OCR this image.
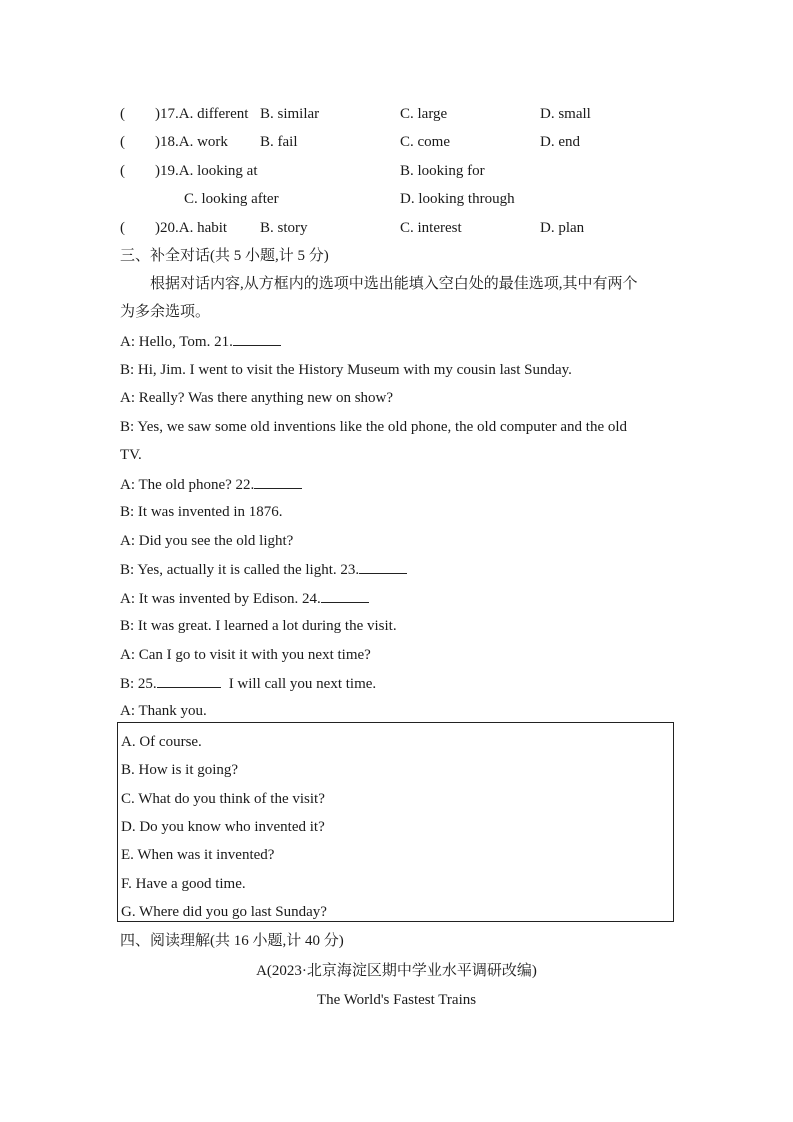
(　　)17.A. different B. similar	C. large	D. small
(　　)18.A. work B. fail	C. come	D. end
(　　)19.A. looking at	B. looking for
C. looking after	D. looking through
(　　)20.A. habit B. story	C. interest	D. plan
三、补全对话(共 5 小题,计 5 分)
根据对话内容,从方框内的选项中选出能填入空白处的最佳选项,其中有两个
为多余选项。
A: Hello, Tom. 21.
B: Hi, Jim. I went to visit the History Museum with my cousin last Sunday.
A: Really? Was there anything new on show?
B: Yes, we saw some old inventions like the old phone, the old computer and the old
TV.
A: The old phone? 22.
B: It was invented in 1876.
A: Did you see the old light?
B: Yes, actually it is called the light. 23.
A: It was invented by Edison. 24.
B: It was great. I learned a lot during the visit.
A: Can I go to visit it with you next time?
B: 25.	I will call you next time.
A: Thank you.
A. Of course.
B. How is it going?
C. What do you think of the visit?
D. Do you know who invented it?
E. When was it invented?
F. Have a good time.
G. Where did you go last Sunday?
四、阅读理解(共 16 小题,计 40 分)
A(2023·北京海淀区期中学业水平调研改编)
The World's Fastest Trains
